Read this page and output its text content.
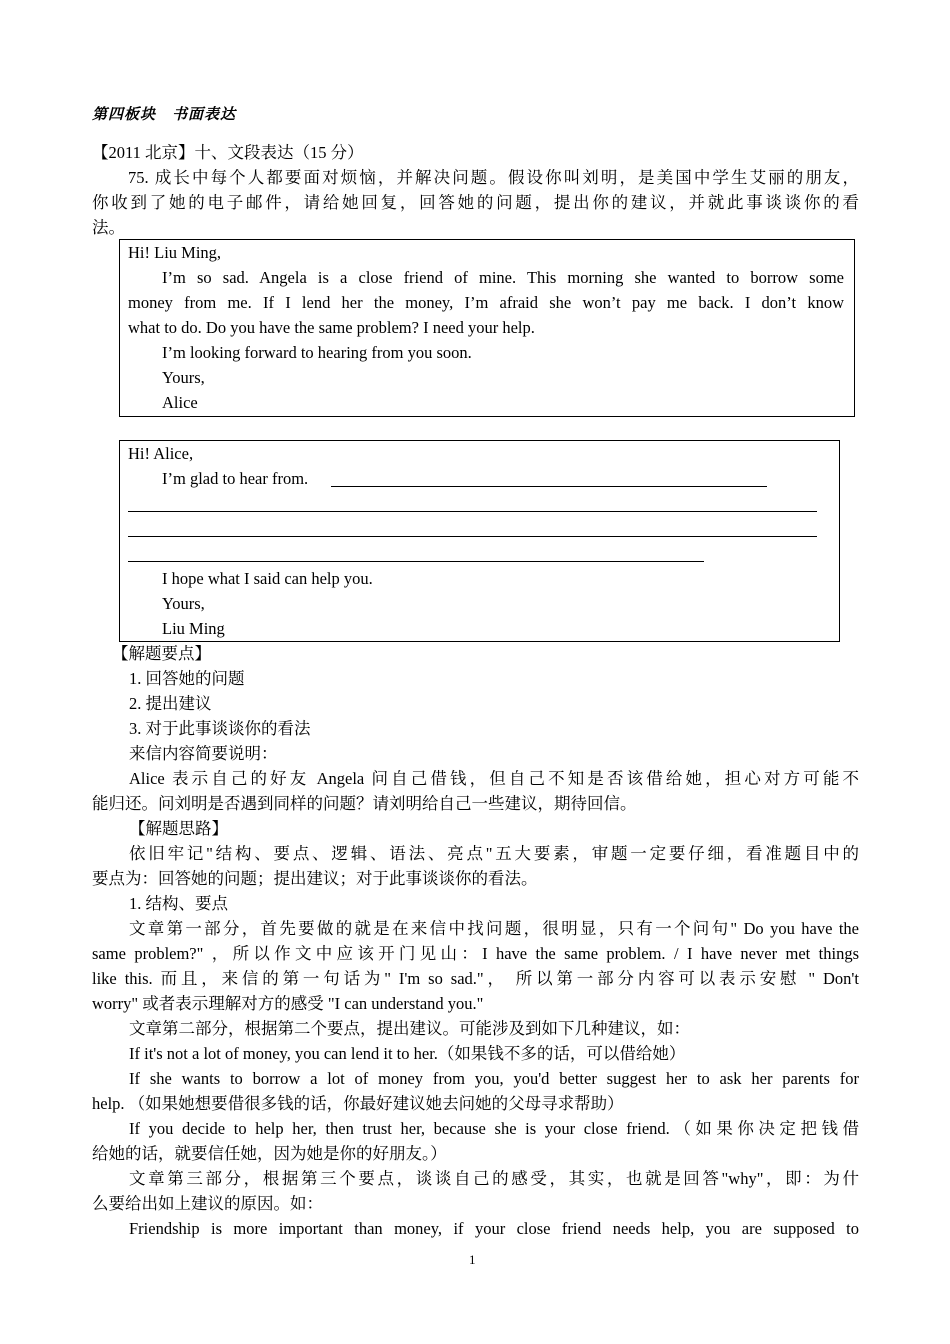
第四板块　书面表达
【2011 北京】十、文段表达（15 分）
75. 成长中每个人都要面对烦恼，并解决问题。假设你叫刘明，是美国中学生艾丽的朋友，
你收到了她的电子邮件，请给她回复，回答她的问题，提出你的建议，并就此事谈谈你的看
法。
Hi! Liu Ming,
I’m so sad. Angela is a close friend of mine. This morning she wanted to borrow some
money from me. If I lend her the money, I’m afraid she won’t pay me back. I don’t know
what to do. Do you have the same problem? I need your help.
I’m looking forward to hearing from you soon.
Yours,
Alice
Hi! Alice,
I’m glad to hear from.
I hope what I said can help you.
Yours,
Liu Ming
【解题要点】
1. 回答她的问题
2. 提出建议
3. 对于此事谈谈你的看法
来信内容简要说明：
Alice 表示自己的好友 Angela 问自己借钱，但自己不知是否该借给她，担心对方可能不
能归还。问刘明是否遇到同样的问题？请刘明给自己一些建议，期待回信。
【解题思路】
依旧牢记"结构、要点、逻辑、语法、亮点"五大要素，审题一定要仔细，看准题目中的
要点为：回答她的问题；提出建议；对于此事谈谈你的看法。
1. 结构、要点
文章第一部分，首先要做的就是在来信中找问题，很明显，只有一个问句" Do you have the
same problem?" ，所以作文中应该开门见山：I have the same problem. / I have never met things
like this. 而且，来信的第一句话为" I'm so sad."， 所以第一部分内容可以表示安慰 " Don't
worry" 或者表示理解对方的感受 "I can understand you."
文章第二部分，根据第二个要点，提出建议。可能涉及到如下几种建议，如：
If it's not a lot of money, you can lend it to her.（如果钱不多的话，可以借给她）
If she wants to borrow a lot of money from you, you'd better suggest her to ask her parents for
help. （如果她想要借很多钱的话，你最好建议她去问她的父母寻求帮助）
If you decide to help her, then trust her, because she is your close friend.（如果你决定把钱借
给她的话，就要信任她，因为她是你的好朋友。）
文章第三部分，根据第三个要点，谈谈自己的感受，其实，也就是回答"why"，即：为什
么要给出如上建议的原因。如：
Friendship is more important than money, if your close friend needs help, you are supposed to
1
